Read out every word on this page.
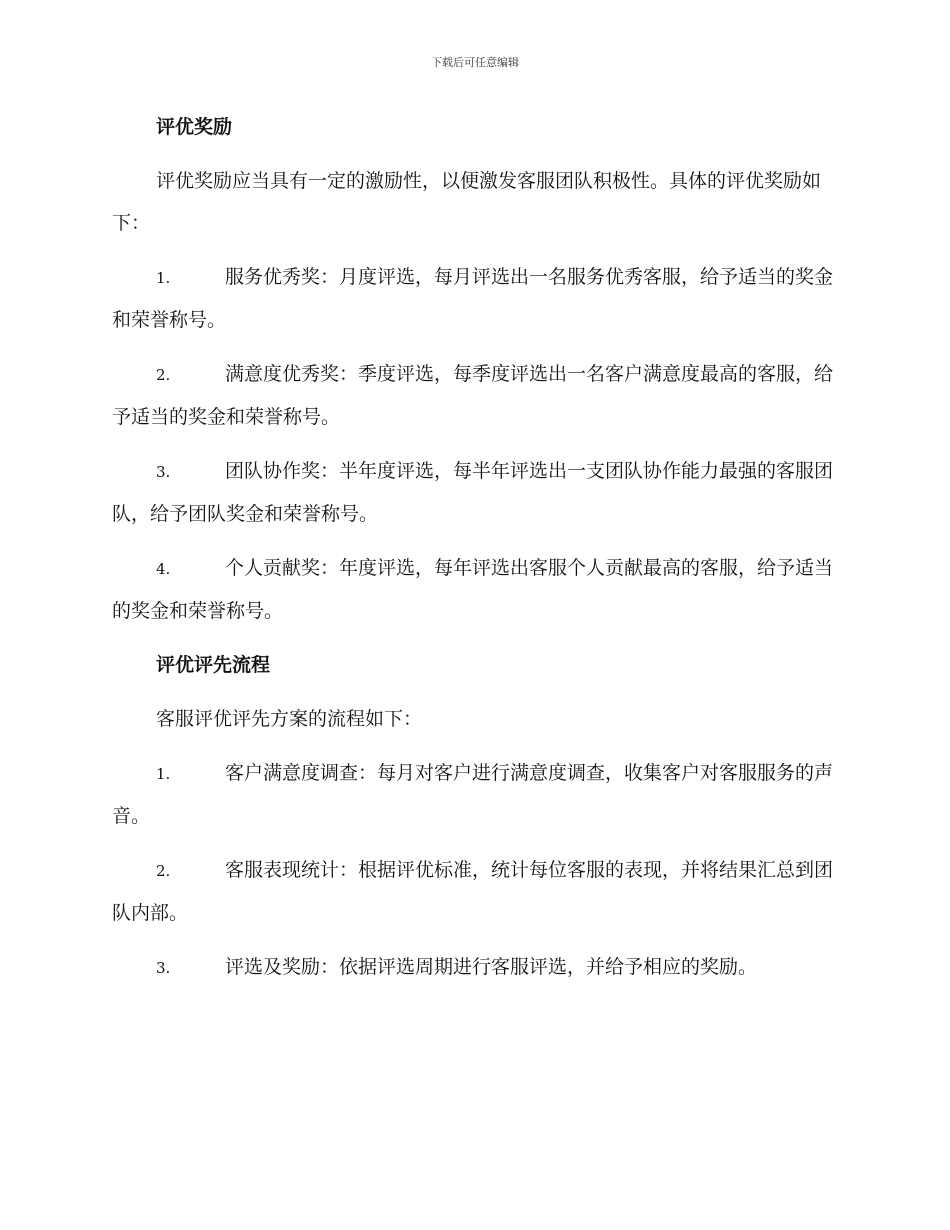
下载后可任意编辑
评优奖励

评优奖励应当具有一定的激励性，以便激发客服团队积极性。具体的评优奖励如下：

1.	服务优秀奖：月度评选，每月评选出一名服务优秀客服，给予适当的奖金和荣誉称号。

2.	满意度优秀奖：季度评选，每季度评选出一名客户满意度最高的客服，给予适当的奖金和荣誉称号。

3.	团队协作奖：半年度评选，每半年评选出一支团队协作能力最强的客服团队，给予团队奖金和荣誉称号。

4.	个人贡献奖：年度评选，每年评选出客服个人贡献最高的客服，给予适当的奖金和荣誉称号。

评优评先流程

客服评优评先方案的流程如下：

1.	客户满意度调查：每月对客户进行满意度调查，收集客户对客服服务的声音。

2.	客服表现统计：根据评优标准，统计每位客服的表现，并将结果汇总到团队内部。

3.	评选及奖励：依据评选周期进行客服评选，并给予相应的奖励。
